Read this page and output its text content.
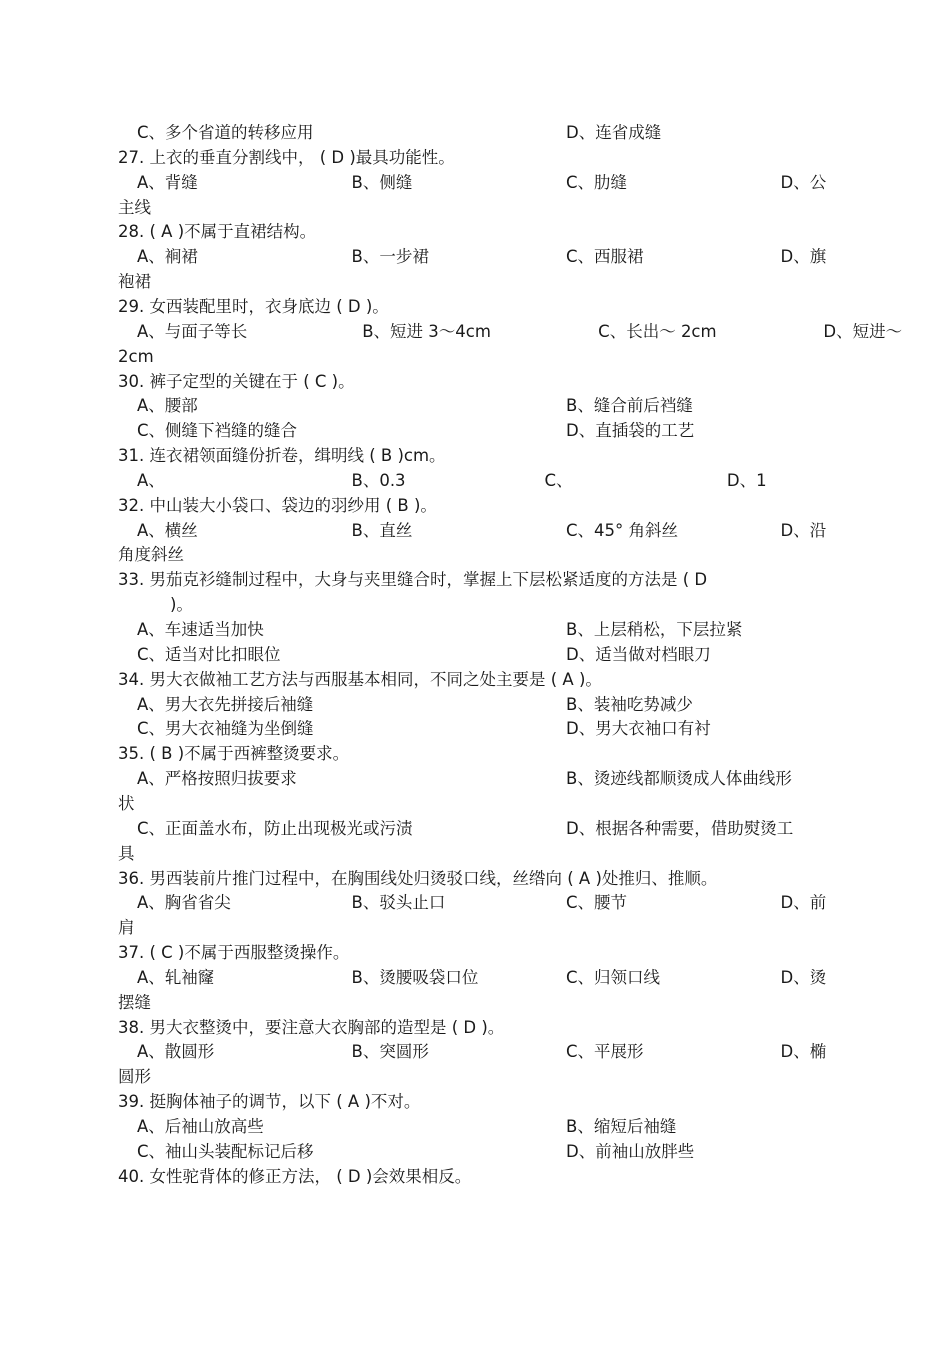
C、多个省道的转移应用	D、连省成缝
27. 上衣的垂直分割线中， ( D )最具功能性。
A、背缝	B、侧缝	C、肋缝	D、公
主线
28. ( A )不属于直裙结构。
A、裥裙	B、一步裙	C、西服裙	D、旗
袍裙
29. 女西装配里时，衣身底边 ( D )。
A、与面子等长	B、短进 3～4cm	C、长出～ 2cm	D、短进～
2cm
30. 裤子定型的关键在于 ( C )。
A、腰部	B、缝合前后裆缝
C、侧缝下裆缝的缝合	D、直插袋的工艺
31. 连衣裙领面缝份折卷，缉明线 ( B )cm。
A、	B、0.3	C、	D、1
32. 中山装大小袋口、袋边的羽纱用 ( B )。
A、横丝	B、直丝	C、45° 角斜丝	D、沿
角度斜丝
33. 男茄克衫缝制过程中，大身与夹里缝合时，掌握上下层松紧适度的方法是 ( D
)。
A、车速适当加快	B、上层稍松，下层拉紧
C、适当对比扣眼位	D、适当做对档眼刀
34. 男大衣做袖工艺方法与西服基本相同，不同之处主要是 ( A )。
A、男大衣先拼接后袖缝	B、装袖吃势减少
C、男大衣袖缝为坐倒缝	D、男大衣袖口有衬
35. ( B )不属于西裤整烫要求。
A、严格按照归拔要求	B、烫迹线都顺烫成人体曲线形
状
C、正面盖水布，防止出现极光或污渍	D、根据各种需要，借助熨烫工
具
36. 男西装前片推门过程中，在胸围线处归烫驳口线，丝绺向 ( A )处推归、推顺。
A、胸省省尖	B、驳头止口	C、腰节	D、前
肩
37. ( C )不属于西服整烫操作。
A、轧袖窿	B、烫腰吸袋口位	C、归领口线	D、烫
摆缝
38. 男大衣整烫中，要注意大衣胸部的造型是 ( D )。
A、散圆形	B、突圆形	C、平展形	D、椭
圆形
39. 挺胸体袖子的调节，以下 ( A )不对。
A、后袖山放高些	B、缩短后袖缝
C、袖山头装配标记后移	D、前袖山放胖些
40. 女性驼背体的修正方法， ( D )会效果相反。
